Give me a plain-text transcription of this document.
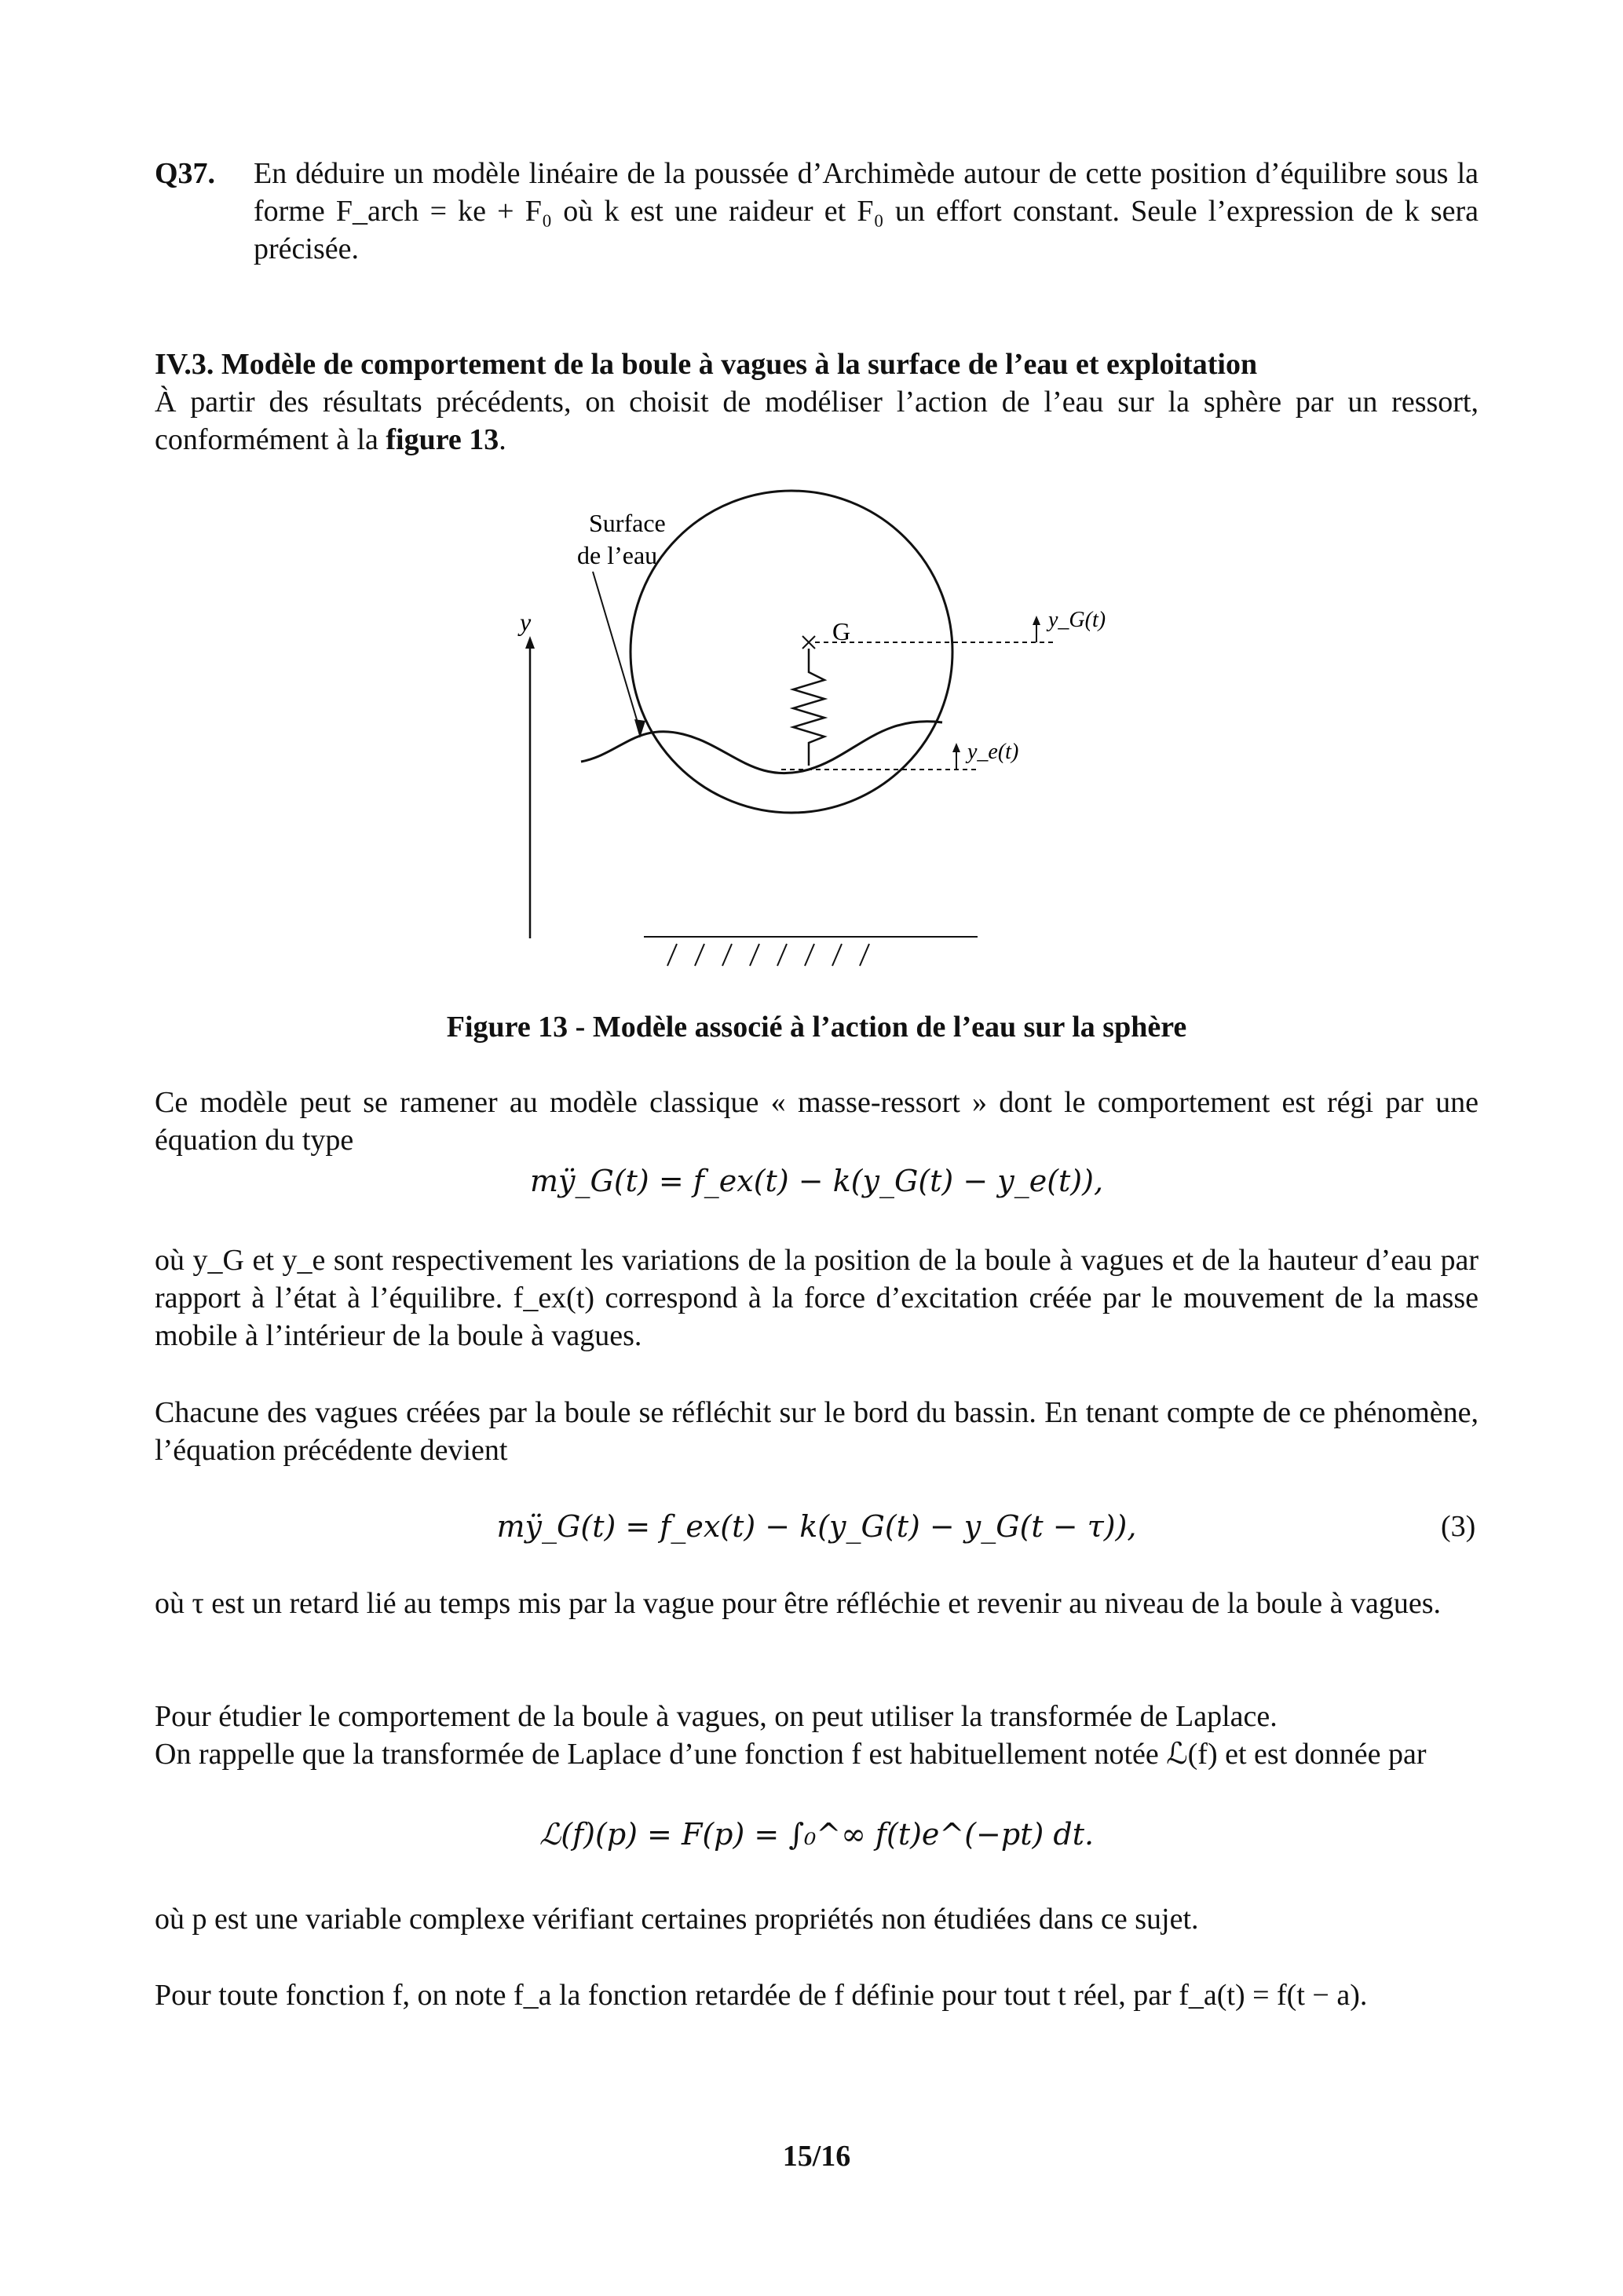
Q37. En déduire un modèle linéaire de la poussée d’Archimède autour de cette position d’équilibre sous la forme F_arch = ke + F₀ où k est une raideur et F₀ un effort constant. Seule l’expression de k sera précisée.
IV.3. Modèle de comportement de la boule à vagues à la surface de l’eau et exploitation
À partir des résultats précédents, on choisit de modéliser l’action de l’eau sur la sphère par un ressort, conformément à la figure 13.
Surface
de l’eau
y⃗	G	y_G(t)
y_e(t)
Figure 13 - Modèle associé à l’action de l’eau sur la sphère
Ce modèle peut se ramener au modèle classique « masse-ressort » dont le comportement est régi par une équation du type
mÿ_G(t) = f_ex(t) − k(y_G(t) − y_e(t)),
où y_G et y_e sont respectivement les variations de la position de la boule à vagues et de la hauteur d’eau par rapport à l’état à l’équilibre. f_ex(t) correspond à la force d’excitation créée par le mouvement de la masse mobile à l’intérieur de la boule à vagues.
Chacune des vagues créées par la boule se réfléchit sur le bord du bassin. En tenant compte de ce phénomène, l’équation précédente devient
mÿ_G(t) = f_ex(t) − k(y_G(t) − y_G(t − τ)),	(3)
où τ est un retard lié au temps mis par la vague pour être réfléchie et revenir au niveau de la boule à vagues.
Pour étudier le comportement de la boule à vagues, on peut utiliser la transformée de Laplace.
On rappelle que la transformée de Laplace d’une fonction f est habituellement notée ℒ(f) et est donnée par
ℒ(f)(p) = F(p) = ∫₀^∞ f(t)e^(−pt) dt.
où p est une variable complexe vérifiant certaines propriétés non étudiées dans ce sujet.
Pour toute fonction f, on note f_a la fonction retardée de f définie pour tout t réel, par f_a(t) = f(t − a).
15/16
